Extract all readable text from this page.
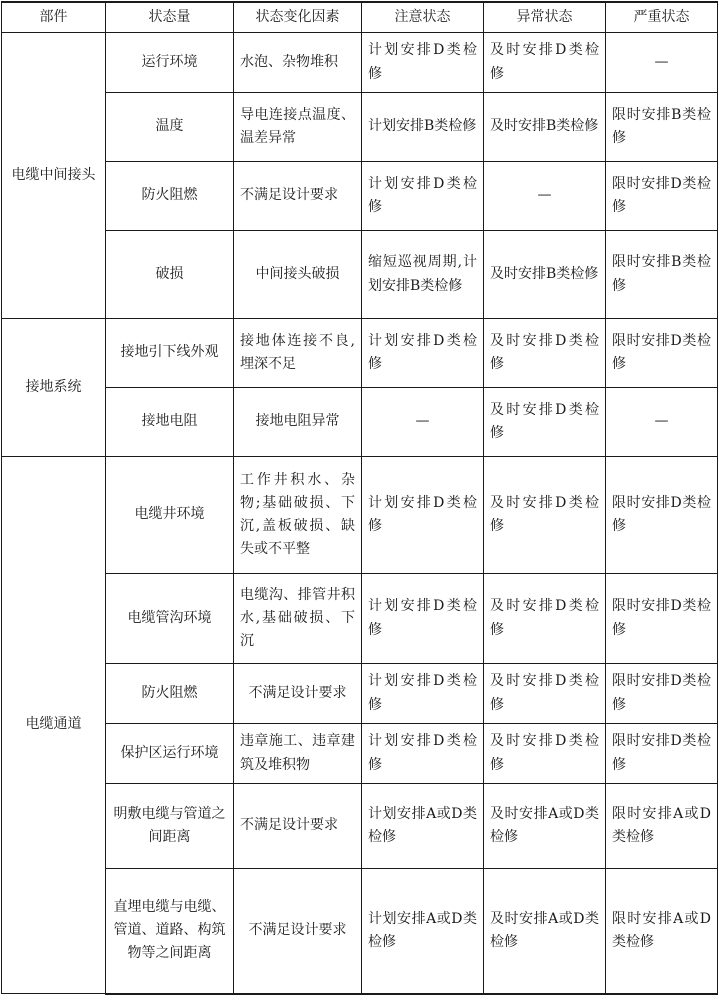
部件	状态量	状态变化因素	注意状态	异常状态	严重状态
电缆中间接头	运行环境	水泡、杂物堆积	计划安排D类检修	及时安排D类检修	—
	温度	导电连接点温度、温差异常	计划安排B类检修	及时安排B类检修	限时安排B类检修
	防火阻燃	不满足设计要求	计划安排D类检修	—	限时安排D类检修
	破损	中间接头破损	缩短巡视周期,计划安排B类检修	及时安排B类检修	限时安排B类检修
接地系统	接地引下线外观	接地体连接不良,埋深不足	计划安排D类检修	及时安排D类检修	限时安排D类检修
	接地电阻	接地电阻异常	—	及时安排D类检修	—
电缆通道	电缆井环境	工作井积水、杂物;基础破损、下沉,盖板破损、缺失或不平整	计划安排D类检修	及时安排D类检修	限时安排D类检修
	电缆管沟环境	电缆沟、排管井积水,基础破损、下沉	计划安排D类检修	及时安排D类检修	限时安排D类检修
	防火阻燃	不满足设计要求	计划安排D类检修	及时安排D类检修	限时安排D类检修
	保护区运行环境	违章施工、违章建筑及堆积物	计划安排D类检修	及时安排D类检修	限时安排D类检修
	明敷电缆与管道之间距离	不满足设计要求	计划安排A或D类检修	及时安排A或D类检修	限时安排A或D类检修
	直埋电缆与电缆、管道、道路、构筑物等之间距离	不满足设计要求	计划安排A或D类检修	及时安排A或D类检修	限时安排A或D类检修
